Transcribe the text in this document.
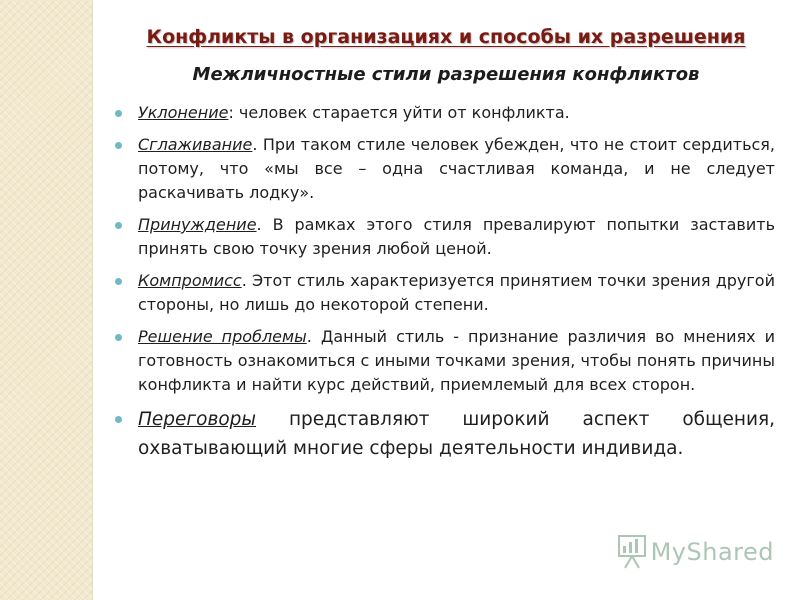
Конфликты в организациях и способы их разрешения
Межличностные стили разрешения конфликтов
Уклонение: человек старается уйти от конфликта.
Сглаживание. При таком стиле человек убежден, что не стоит сердиться, потому, что «мы все – одна счастливая команда, и не следует раскачивать лодку».
Принуждение. В рамках этого стиля превалируют попытки заставить принять свою точку зрения любой ценой.
Компромисс. Этот стиль характеризуется принятием точки зрения другой стороны, но лишь до некоторой степени.
Решение проблемы. Данный стиль - признание различия во мнениях и готовность ознакомиться с иными точками зрения, чтобы понять причины конфликта и найти курс действий, приемлемый для всех сторон.
Переговоры представляют широкий аспект общения, охватывающий многие сферы деятельности индивида.
MyShared
